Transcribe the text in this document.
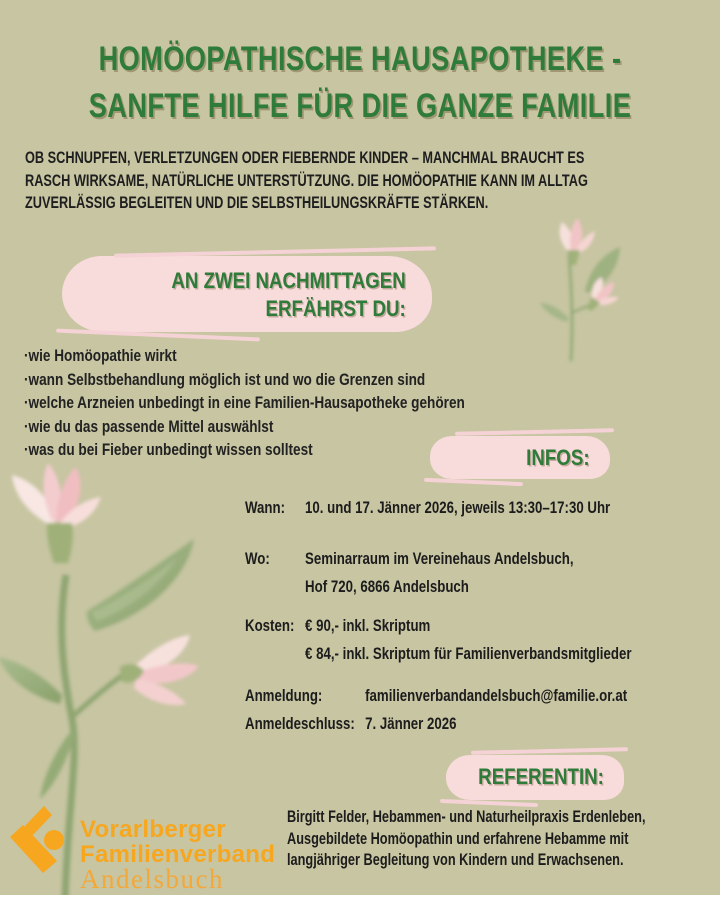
HOMÖOPATHISCHE HAUSAPOTHEKE -
SANFTE HILFE FÜR DIE GANZE FAMILIE
OB SCHNUPFEN, VERLETZUNGEN ODER FIEBERNDE KINDER – MANCHMAL BRAUCHT ES
RASCH WIRKSAME, NATÜRLICHE UNTERSTÜTZUNG. DIE HOMÖOPATHIE KANN IM ALLTAG
ZUVERLÄSSIG BEGLEITEN UND DIE SELBSTHEILUNGSKRÄFTE STÄRKEN.
AN ZWEI NACHMITTAGEN
ERFÄHRST DU:
·wie Homöopathie wirkt
·wann Selbstbehandlung möglich ist und wo die Grenzen sind
·welche Arzneien unbedingt in eine Familien-Hausapotheke gehören
·wie du das passende Mittel auswählst
·was du bei Fieber unbedingt wissen solltest	INFOS:
Wann:	10. und 17. Jänner 2026, jeweils 13:30–17:30 Uhr
Wo:	Seminarraum im Vereinehaus Andelsbuch,
Hof 720, 6866 Andelsbuch
Kosten: € 90,- inkl. Skriptum
€ 84,- inkl. Skriptum für Familienverbandsmitglieder
Anmeldung:	familienverbandandelsbuch@familie.or.at
Anmeldeschluss: 7. Jänner 2026
REFERENTIN:
Birgitt Felder, Hebammen- und Naturheilpraxis Erdenleben,
Ausgebildete Homöopathin und erfahrene Hebamme mit
langjähriger Begleitung von Kindern und Erwachsenen.
Vorarlberger
Familienverband
Andelsbuch
